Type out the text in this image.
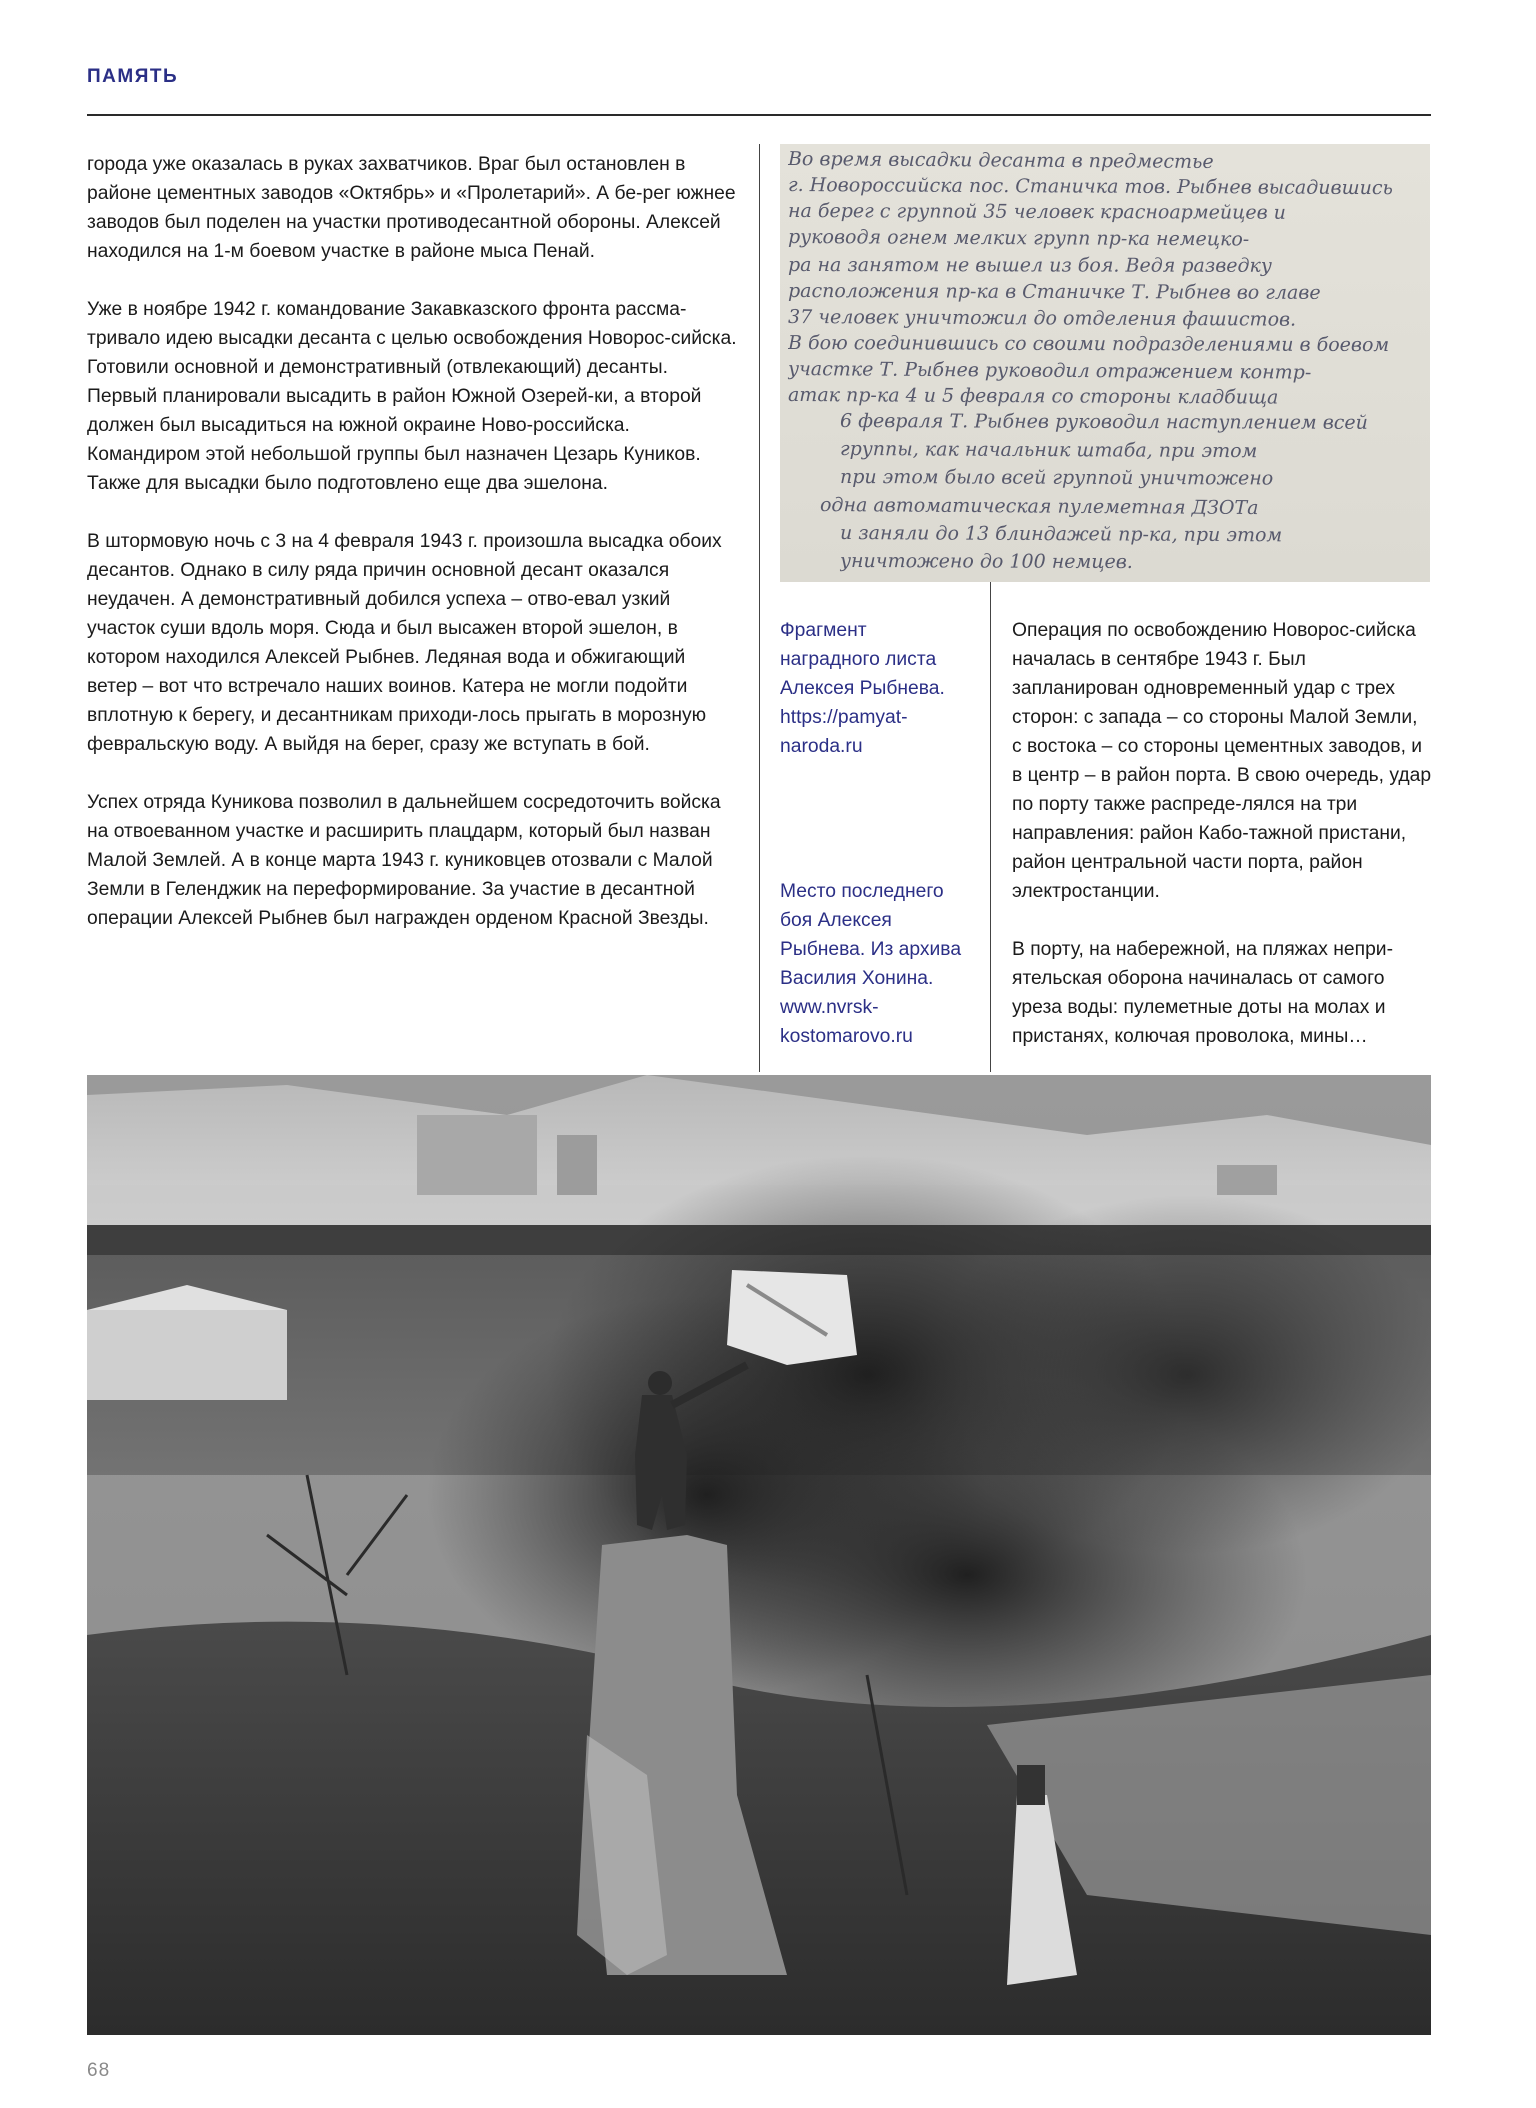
ПАМЯТЬ

города уже оказалась в руках захватчиков. Враг был остановлен в районе цементных заводов «Октябрь» и «Пролетарий». А бе-рег южнее заводов был поделен на участки противодесантной обороны. Алексей находился на 1-м боевом участке в районе мыса Пенай.

Уже в ноябре 1942 г. командование Закавказского фронта рассма-тривало идею высадки десанта с целью освобождения Новорос-сийска. Готовили основной и демонстративный (отвлекающий) десанты. Первый планировали высадить в район Южной Озерей-ки, а второй должен был высадиться на южной окраине Ново-российска. Командиром этой небольшой группы был назначен Цезарь Куников. Также для высадки было подготовлено еще два эшелона.

В штормовую ночь с 3 на 4 февраля 1943 г. произошла высадка обоих десантов. Однако в силу ряда причин основной десант оказался неудачен. А демонстративный добился успеха – отво-евал узкий участок суши вдоль моря. Сюда и был высажен второй эшелон, в котором находился Алексей Рыбнев. Ледяная вода и обжигающий ветер – вот что встречало наших воинов. Катера не могли подойти вплотную к берегу, и десантникам приходи-лось прыгать в морозную февральскую воду. А выйдя на берег, сразу же вступать в бой.

Успех отряда Куникова позволил в дальнейшем сосредоточить войска на отвоеванном участке и расширить плацдарм, который был назван Малой Землей. А в конце марта 1943 г. куниковцев отозвали с Малой Земли в Геленджик на переформирование. За участие в десантной операции Алексей Рыбнев был награжден орденом Красной Звезды.

Во время высадки десанта в предместье
г. Новороссийска пос. Станичка тов. Рыбнев высадившись
на берег с группой 35 человек красноармейцев и
руководя огнем мелких групп пр-ка немецко-
ра на занятом не вышел из боя. Ведя разведку
расположения пр-ка в Станичке Т. Рыбнев во главе
37 человек уничтожил до отделения фашистов.
В бою соединившись со своими подразделениями в боевом
участке Т. Рыбнев руководил отражением контр-
атак пр-ка 4 и 5 февраля со стороны кладбища
6 февраля Т. Рыбнев руководил наступлением всей
группы, как начальник штаба, при этом
при этом было всей группой уничтожено
одна автоматическая пулеметная ДЗОТа
и заняли до 13 блиндажей пр-ка, при этом
уничтожено до 100 немцев.

Фрагмент

наградного листа

Алексея Рыбнева.

https://pamyat-

naroda.ru

Место последнего

боя Алексея

Рыбнева. Из архива

Василия Хонина.

www.nvrsk-

kostomarovo.ru

Операция по освобождению Новорос-сийска началась в сентябре 1943 г. Был запланирован одновременный удар с трех сторон: с запада – со стороны Малой Земли, с востока – со стороны цементных заводов, и в центр – в район порта. В свою очередь, удар по порту также распреде-лялся на три направления: район Кабо-тажной пристани, район центральной части порта, район электростанции.

В порту, на набережной, на пляжах непри-ятельская оборона начиналась от самого уреза воды: пулеметные доты на молах и пристанях, колючая проволока, мины…

68
